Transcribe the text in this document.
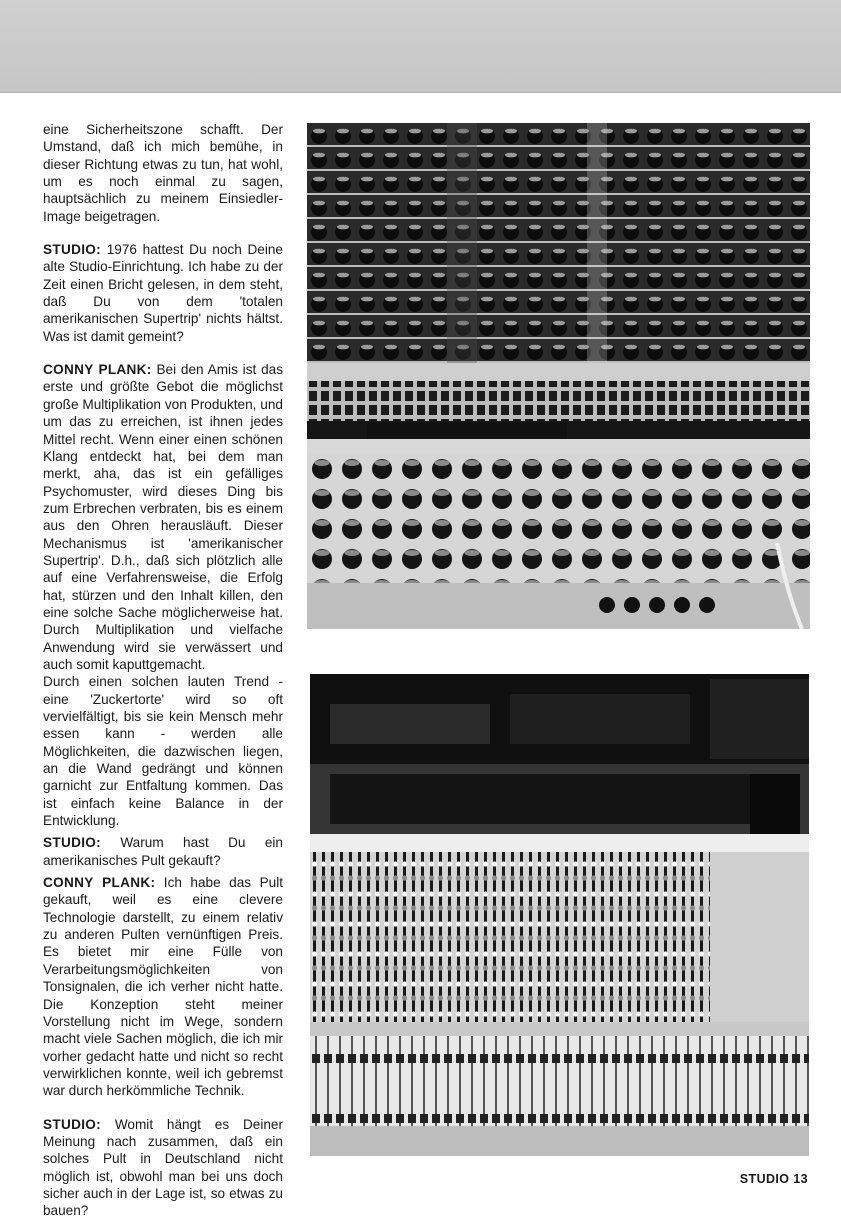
eine Sicherheitszone schafft. Der Umstand, daß ich mich bemühe, in dieser Richtung etwas zu tun, hat wohl, um es noch einmal zu sagen, hauptsächlich zu meinem Einsiedler-Image beigetragen.

STUDIO: 1976 hattest Du noch Deine alte Studio-Einrichtung. Ich habe zu der Zeit einen Bricht gelesen, in dem steht, daß Du von dem 'totalen amerikanischen Supertrip' nichts hältst. Was ist damit gemeint?

CONNY PLANK: Bei den Amis ist das erste und größte Gebot die möglichst große Multiplikation von Produkten, und um das zu erreichen, ist ihnen jedes Mittel recht. Wenn einer einen schönen Klang entdeckt hat, bei dem man merkt, aha, das ist ein gefälliges Psychomuster, wird dieses Ding bis zum Erbrechen verbraten, bis es einem aus den Ohren herausläuft. Dieser Mechanismus ist 'amerikanischer Supertrip'. D.h., daß sich plötzlich alle auf eine Verfahrensweise, die Erfolg hat, stürzen und den Inhalt killen, den eine solche Sache möglicherweise hat. Durch Multiplikation und vielfache Anwendung wird sie verwässert und auch somit kaputtgemacht.

Durch einen solchen lauten Trend - eine 'Zuckertorte' wird so oft vervielfältigt, bis sie kein Mensch mehr essen kann - werden alle Möglichkeiten, die dazwischen liegen, an die Wand gedrängt und können garnicht zur Entfaltung kommen. Das ist einfach keine Balance in der Entwicklung.

STUDIO: Warum hast Du ein amerikanisches Pult gekauft?

CONNY PLANK: Ich habe das Pult gekauft, weil es eine clevere Technologie darstellt, zu einem relativ zu anderen Pulten vernünftigen Preis. Es bietet mir eine Fülle von Verarbeitungsmöglichkeiten von Tonsignalen, die ich verher nicht hatte. Die Konzeption steht meiner Vorstellung nicht im Wege, sondern macht viele Sachen möglich, die ich mir vorher gedacht hatte und nicht so recht verwirklichen konnte, weil ich gebremst war durch herkömmliche Technik.

STUDIO: Womit hängt es Deiner Meinung nach zusammen, daß ein solches Pult in Deutschland nicht möglich ist, obwohl man bei uns doch sicher auch in der Lage ist, so etwas zu bauen?

STUDIO 13
